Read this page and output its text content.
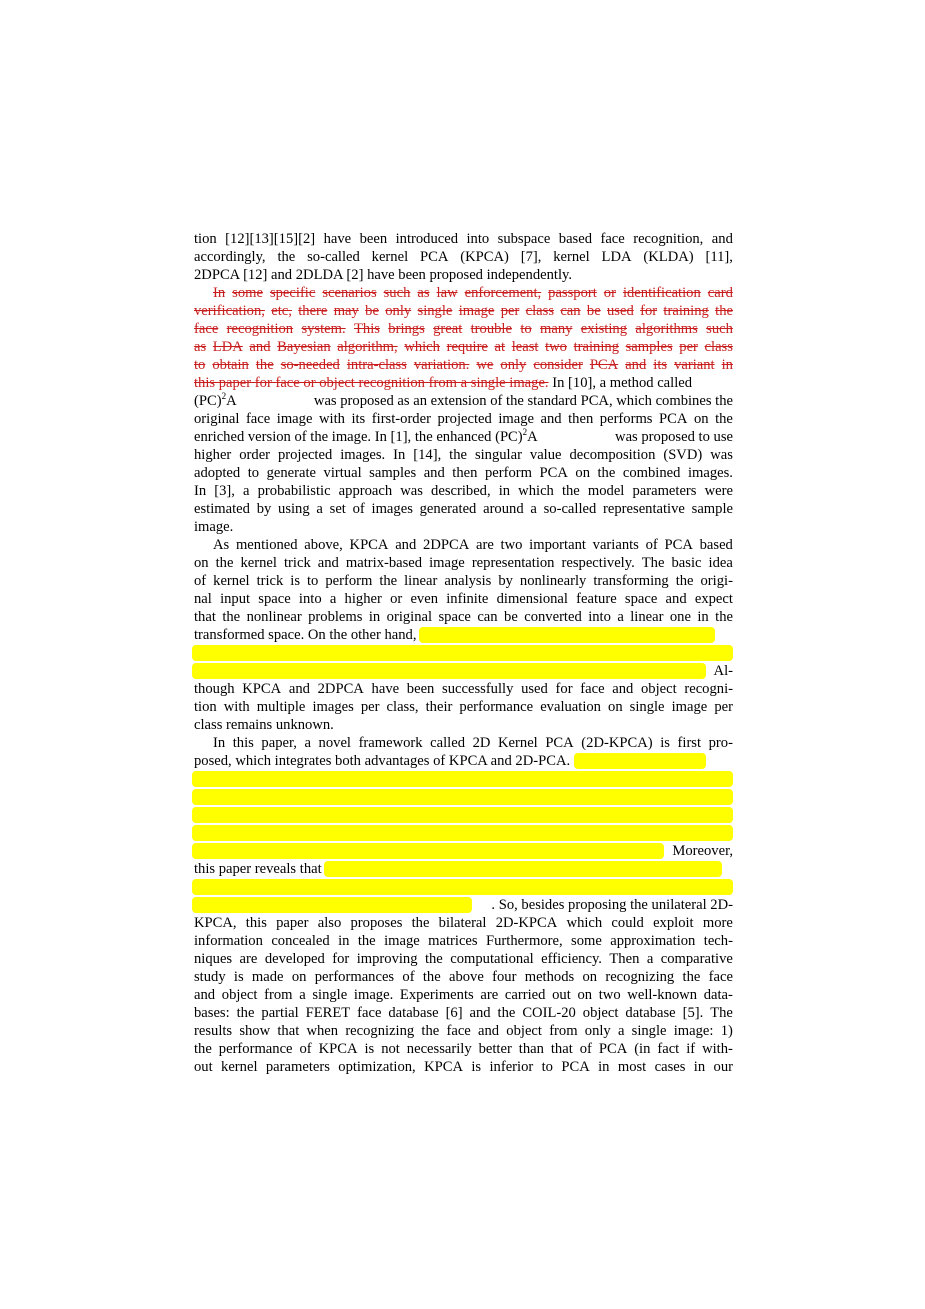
tion [12][13][15][2] have been introduced into subspace based face recognition, and
accordingly, the so-called kernel PCA (KPCA) [7], kernel LDA (KLDA) [11],
2DPCA [12] and 2DLDA [2] have been proposed independently.
In some specific scenarios such as law enforcement, passport or identification card
verification, etc, there may be only single image per class can be used for training the
face recognition system. This brings great trouble to many existing algorithms such
as LDA and Bayesian algorithm, which require at least two training samples per class
to obtain the so-needed intra-class variation. we only consider PCA and its variant in
this paper for face or object recognition from a single image. In [10], a method called
(PC)$^2$A	was proposed as an extension of the standard PCA, which combines the
original face image with its first-order projected image and then performs PCA on the
enriched version of the image. In [1], the enhanced (PC)$^2$A	was proposed to use
higher order projected images. In [14], the singular value decomposition (SVD) was
adopted to generate virtual samples and then perform PCA on the combined images.
In [3], a probabilistic approach was described, in which the model parameters were
estimated by using a set of images generated around a so-called representative sample
image.
As mentioned above, KPCA and 2DPCA are two important variants of PCA based
on the kernel trick and matrix-based image representation respectively. The basic idea
of kernel trick is to perform the linear analysis by nonlinearly transforming the origi-
nal input space into a higher or even infinite dimensional feature space and expect
that the nonlinear problems in original space can be converted into a linear one in the
transformed space. On the other hand,
Al-
though KPCA and 2DPCA have been successfully used for face and object recogni-
tion with multiple images per class, their performance evaluation on single image per
class remains unknown.
In this paper, a novel framework called 2D Kernel PCA (2D-KPCA) is first pro-
posed, which integrates both advantages of KPCA and 2D-PCA.
Moreover,
this paper reveals that
. So, besides proposing the unilateral 2D-
KPCA, this paper also proposes the bilateral 2D-KPCA which could exploit more
information concealed in the image matrices Furthermore, some approximation tech-
niques are developed for improving the computational efficiency. Then a comparative
study is made on performances of the above four methods on recognizing the face
and object from a single image. Experiments are carried out on two well-known data-
bases: the partial FERET face database [6] and the COIL-20 object database [5]. The
results show that when recognizing the face and object from only a single image: 1)
the performance of KPCA is not necessarily better than that of PCA (in fact if with-
out kernel parameters optimization, KPCA is inferior to PCA in most cases in our
